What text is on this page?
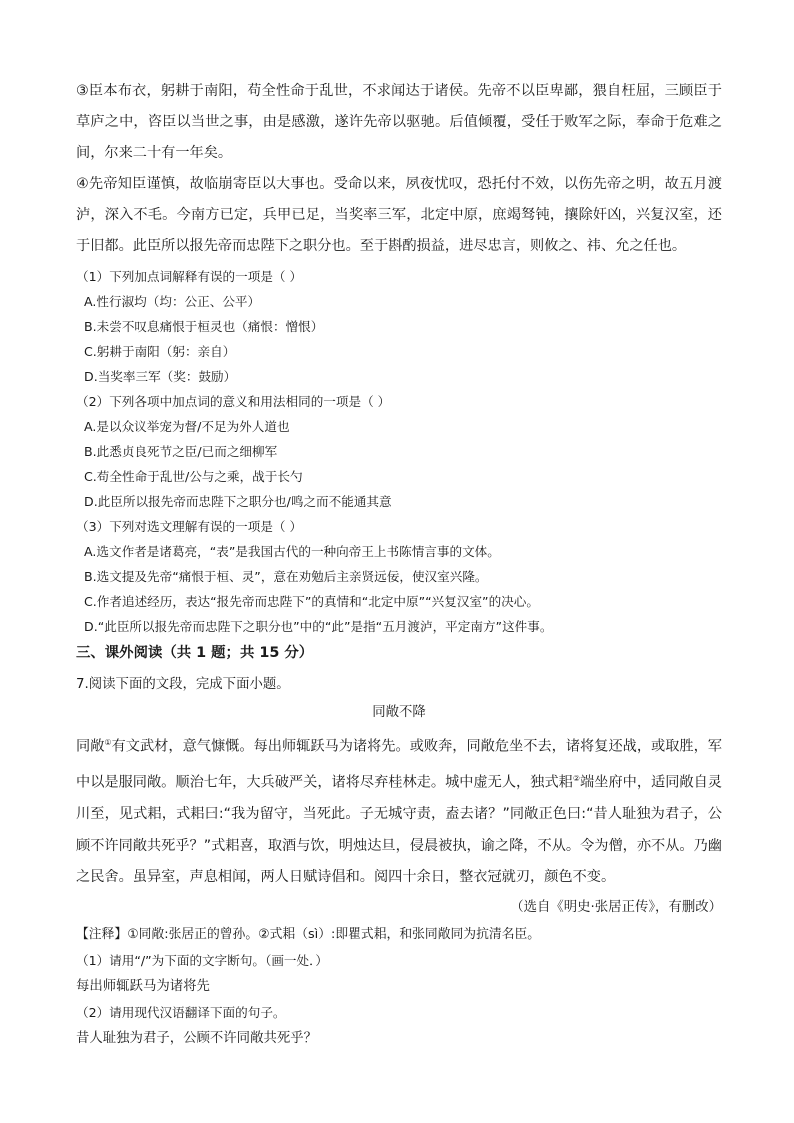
③臣本布衣，躬耕于南阳，苟全性命于乱世，不求闻达于诸侯。先帝不以臣卑鄙，猥自枉屈，三顾臣于草庐之中，咨臣以当世之事，由是感激，遂许先帝以驱驰。后值倾覆，受任于败军之际，奉命于危难之间，尔来二十有一年矣。

④先帝知臣谨慎，故临崩寄臣以大事也。受命以来，夙夜忧叹，恐托付不效，以伤先帝之明，故五月渡泸，深入不毛。今南方已定，兵甲已足，当奖率三军，北定中原，庶竭驽钝，攘除奸凶，兴复汉室，还于旧都。此臣所以报先帝而忠陛下之职分也。至于斟酌损益，进尽忠言，则攸之、祎、允之任也。

（1）下列加点词解释有误的一项是（ ）

A.性行淑均（均：公正、公平）

B.未尝不叹息痛恨于桓灵也（痛恨：憎恨）

C.躬耕于南阳（躬：亲自）

D.当奖率三军（奖：鼓励）

（2）下列各项中加点词的意义和用法相同的一项是（ ）

A.是以众议举宠为督/不足为外人道也

B.此悉贞良死节之臣/已而之细柳军

C.苟全性命于乱世/公与之乘，战于长勺

D.此臣所以报先帝而忠陛下之职分也/鸣之而不能通其意

（3）下列对选文理解有误的一项是（ ）

A.选文作者是诸葛亮，“表”是我国古代的一种向帝王上书陈情言事的文体。

B.选文提及先帝“痛恨于桓、灵”，意在劝勉后主亲贤远佞，使汉室兴隆。

C.作者追述经历，表达“报先帝而忠陛下”的真情和“北定中原”“兴复汉室”的决心。

D.“此臣所以报先帝而忠陛下之职分也”中的“此”是指“五月渡泸，平定南方”这件事。

三、课外阅读（共 1 题；共 15 分）

7.阅读下面的文段，完成下面小题。

同敞不降

同敞①有文武材，意气慷慨。每出师辄跃马为诸将先。或败奔，同敞危坐不去，诸将复还战，或取胜，军中以是服同敞。顺治七年，大兵破严关，诸将尽弃桂林走。城中虚无人，独式耜②端坐府中，适同敞自灵川至，见式耜，式耜曰:“我为留守，当死此。子无城守责，盍去诸？”同敞正色曰:“昔人耻独为君子，公顾不许同敞共死乎？”式耜喜，取酒与饮，明烛达旦，侵晨被执，谕之降，不从。令为僧，亦不从。乃幽之民舍。虽异室，声息相闻，两人日赋诗倡和。阅四十余日，整衣冠就刃，颜色不变。

（选自《明史·张居正传》，有删改）

【注释】①同敞:张居正的曾孙。②式耜（sì）:即瞿式耜，和张同敞同为抗清名臣。

（1）请用“/”为下面的文字断句。（画一处．）

每出师辄跃马为诸将先

（2）请用现代汉语翻译下面的句子。

昔人耻独为君子，公顾不许同敞共死乎？
